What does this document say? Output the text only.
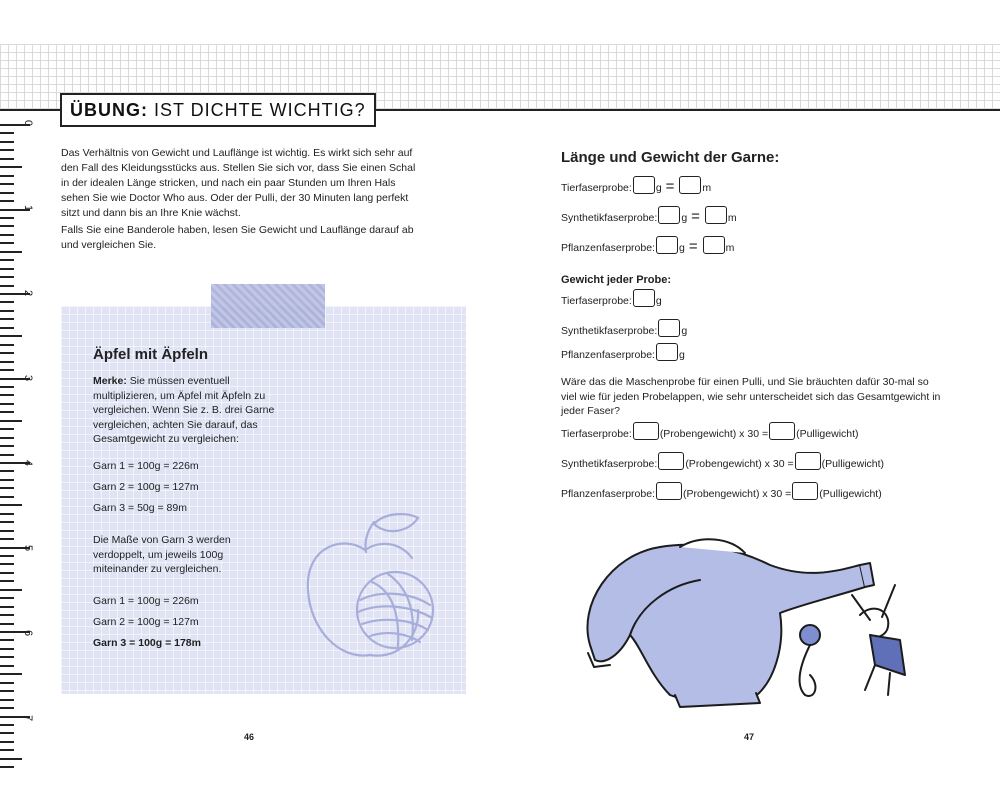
ÜBUNG: IST DICHTE WICHTIG?
0
1
2
3
4
5
6
7

Das Verhältnis von Gewicht und Lauflänge ist wichtig. Es wirkt sich sehr auf den Fall des Kleidungsstücks aus. Stellen Sie sich vor, dass Sie einen Schal in der idealen Länge stricken, und nach ein paar Stunden um Ihren Hals sehen Sie wie Doctor Who aus. Oder der Pulli, der 30 Minuten lang perfekt sitzt und dann bis an Ihre Knie wächst.

Falls Sie eine Banderole haben, lesen Sie Gewicht und Lauflänge darauf ab und vergleichen Sie.

Äpfel mit Äpfeln

Merke: Sie müssen eventuell multiplizieren, um Äpfel mit Äpfeln zu vergleichen. Wenn Sie z. B. drei Garne vergleichen, achten Sie darauf, das Gesamtgewicht zu vergleichen:

Garn 1 = 100g = 226m
Garn 2 = 100g = 127m
Garn 3 = 50g = 89m

Die Maße von Garn 3 werden verdoppelt, um jeweils 100g miteinander zu vergleichen.

Garn 1 = 100g = 226m
Garn 2 = 100g = 127m
Garn 3 = 100g = 178m
46
Länge und Gewicht der Garne:
Tierfaserprobe: g =	m
Synthetikfaserprobe: g =	m
Pflanzenfaserprobe: g =	m
Gewicht jeder Probe:
Tierfaserprobe: g
Synthetikfaserprobe: g
Pflanzenfaserprobe: g

Wäre das die Maschenprobe für einen Pulli, und Sie bräuchten dafür 30-mal so viel wie für jeden Probelappen, wie sehr unterscheidet sich das Gesamtgewicht in jeder Faser?

Tierfaserprobe:	(Probengewicht) x 30 =	(Pulligewicht)
Synthetikfaserprobe:	(Probengewicht) x 30 =	(Pulligewicht)
Pflanzenfaserprobe:	(Probengewicht) x 30 =	(Pulligewicht)
47
